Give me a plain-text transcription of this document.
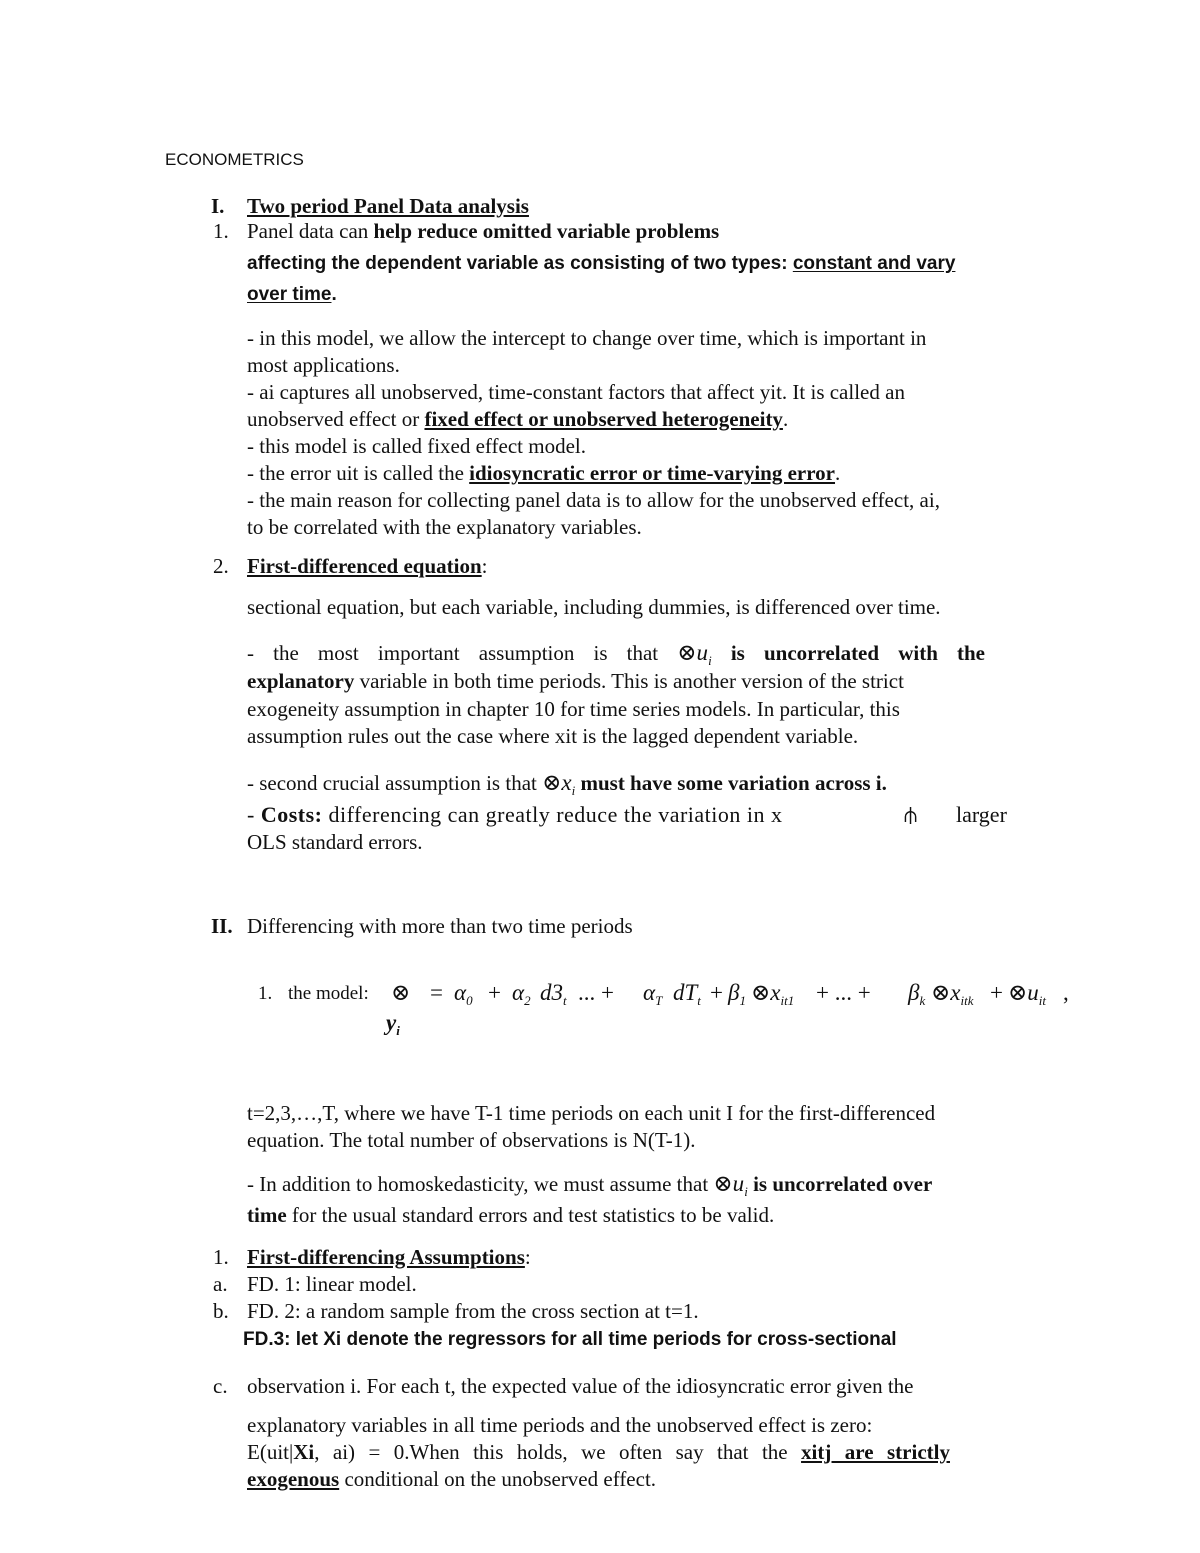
ECONOMETRICS
I. Two period Panel Data analysis
1. Panel data can help reduce omitted variable problems
affecting the dependent variable as consisting of two types: constant and vary
over time.
- in this model, we allow the intercept to change over time, which is important in
most applications.
- ai captures all unobserved, time-constant factors that affect yit. It is called an
unobserved effect or fixed effect or unobserved heterogeneity.
- this model is called fixed effect model.
- the error uit is called the idiosyncratic error or time-varying error.
- the main reason for collecting panel data is to allow for the unobserved effect, ai,
to be correlated with the explanatory variables.
2. First-differenced equation:
sectional equation, but each variable, including dummies, is differenced over time.
- the most important assumption is that $\otimes u_i$ is uncorrelated with the
explanatory variable in both time periods. This is another version of the strict
exogeneity assumption in chapter 10 for time series models. In particular, this
assumption rules out the case where xit is the lagged dependent variable.
- second crucial assumption is that $\otimes x_i$ must have some variation across i.
- Costs: differencing can greatly reduce the variation in x	⫛ larger
OLS standard errors.
II. Differencing with more than two time periods
1. the model: ⊗
$y_i$
= $\alpha_0 + \alpha_2$ $d3_t$ ... + $\alpha_T$ $dT_t + \beta_1$ $\otimes x_{it1}$ + ... + $\beta_k$ $\otimes x_{itk}$ + $\otimes u_{it}$ ,
t=2,3,…,T, where we have T-1 time periods on each unit I for the first-differenced
equation. The total number of observations is N(T-1).
- In addition to homoskedasticity, we must assume that $\otimes u_i$ is uncorrelated over
time for the usual standard errors and test statistics to be valid.
1. First-differencing Assumptions:
a. FD. 1: linear model.
b. FD. 2: a random sample from the cross section at t=1.
FD.3: let Xi denote the regressors for all time periods for cross-sectional
c. observation i. For each t, the expected value of the idiosyncratic error given the
explanatory variables in all time periods and the unobserved effect is zero:
E(uit|Xi, ai) = 0.When this holds, we often say that the xitj are strictly
exogenous conditional on the unobserved effect.
